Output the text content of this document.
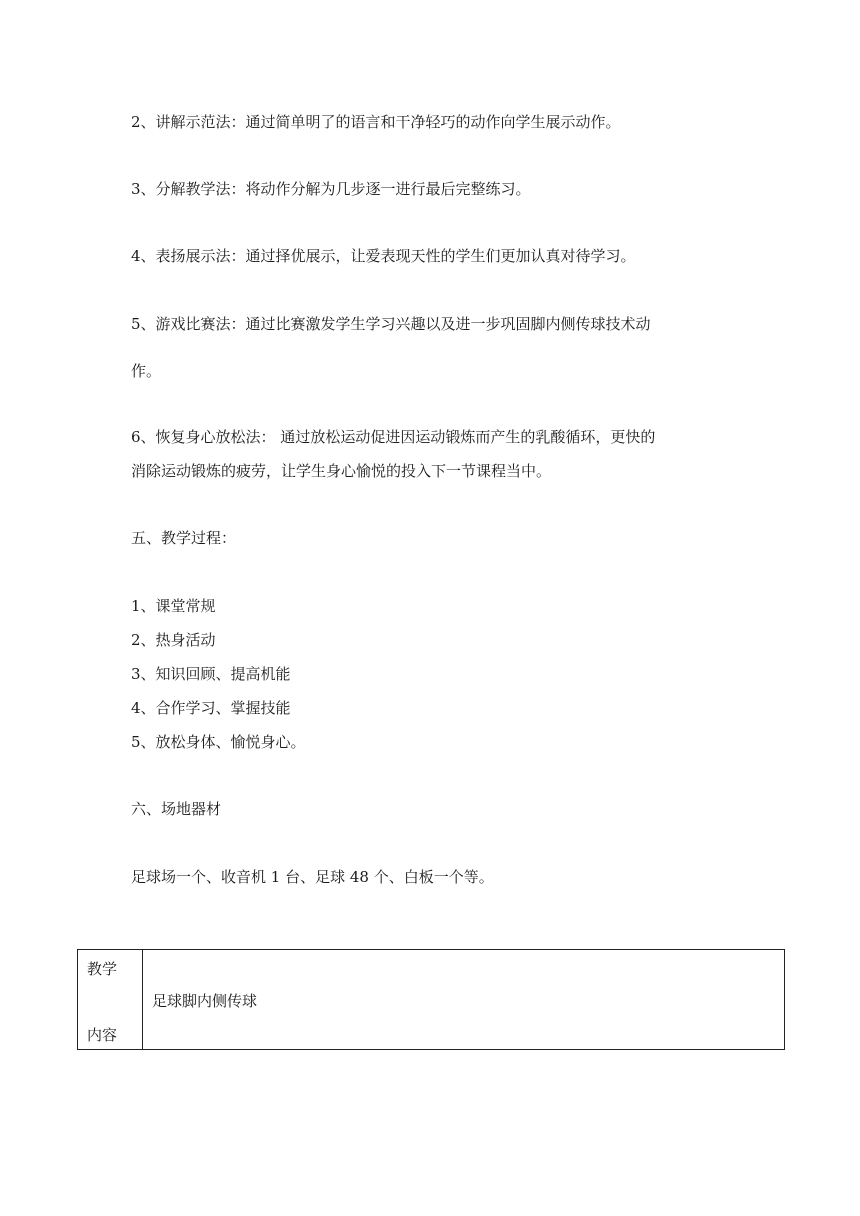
2、讲解示范法：通过简单明了的语言和干净轻巧的动作向学生展示动作。
3、分解教学法：将动作分解为几步逐一进行最后完整练习。
4、表扬展示法：通过择优展示，让爱表现天性的学生们更加认真对待学习。
5、游戏比赛法：通过比赛激发学生学习兴趣以及进一步巩固脚内侧传球技术动
作。
6、恢复身心放松法： 通过放松运动促进因运动锻炼而产生的乳酸循环，更快的
消除运动锻炼的疲劳，让学生身心愉悦的投入下一节课程当中。
五、教学过程：
1、课堂常规
2、热身活动
3、知识回顾、提高机能
4、合作学习、掌握技能
5、放松身体、愉悦身心。
六、场地器材
足球场一个、收音机 1 台、足球 48 个、白板一个等。
教学
内容
足球脚内侧传球
